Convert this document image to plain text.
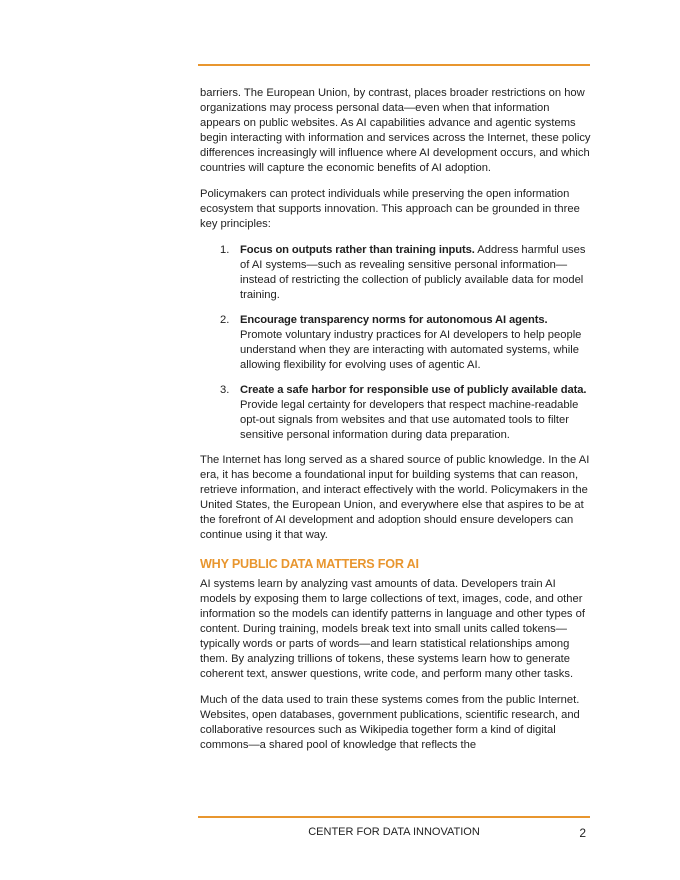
barriers. The European Union, by contrast, places broader restrictions on how organizations may process personal data—even when that information appears on public websites. As AI capabilities advance and agentic systems begin interacting with information and services across the Internet, these policy differences increasingly will influence where AI development occurs, and which countries will capture the economic benefits of AI adoption.

Policymakers can protect individuals while preserving the open information ecosystem that supports innovation. This approach can be grounded in three key principles:

1. Focus on outputs rather than training inputs. Address harmful uses of AI systems—such as revealing sensitive personal information—instead of restricting the collection of publicly available data for model training.
2. Encourage transparency norms for autonomous AI agents. Promote voluntary industry practices for AI developers to help people understand when they are interacting with automated systems, while allowing flexibility for evolving uses of agentic AI.
3. Create a safe harbor for responsible use of publicly available data. Provide legal certainty for developers that respect machine-readable opt-out signals from websites and that use automated tools to filter sensitive personal information during data preparation.

The Internet has long served as a shared source of public knowledge. In the AI era, it has become a foundational input for building systems that can reason, retrieve information, and interact effectively with the world. Policymakers in the United States, the European Union, and everywhere else that aspires to be at the forefront of AI development and adoption should ensure developers can continue using it that way.

WHY PUBLIC DATA MATTERS FOR AI

AI systems learn by analyzing vast amounts of data. Developers train AI models by exposing them to large collections of text, images, code, and other information so the models can identify patterns in language and other types of content. During training, models break text into small units called tokens—typically words or parts of words—and learn statistical relationships among them. By analyzing trillions of tokens, these systems learn how to generate coherent text, answer questions, write code, and perform many other tasks.

Much of the data used to train these systems comes from the public Internet. Websites, open databases, government publications, scientific research, and collaborative resources such as Wikipedia together form a kind of digital commons—a shared pool of knowledge that reflects the

CENTER FOR DATA INNOVATION	2
